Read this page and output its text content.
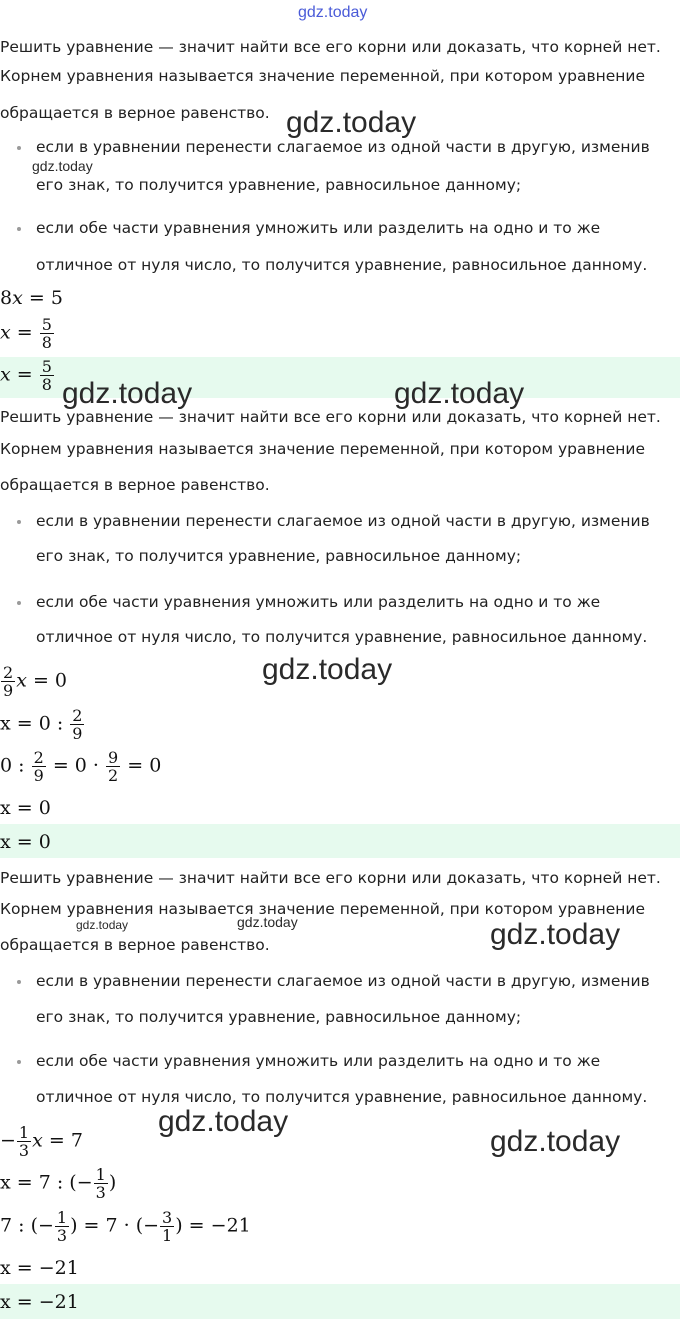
gdz.today
Решить уравнение — значит найти все его корни или доказать, что корней нет.
Корнем уравнения называется значение переменной, при котором уравнение
обращается в верное равенство.
если в уравнении перенести слагаемое из одной части в другую, изменив
его знак, то получится уравнение, равносильное данному;
если обе части уравнения умножить или разделить на одно и то же
отличное от нуля число, то получится уравнение, равносильное данному.
8x = 5
$x = \frac{5}{8}$
$x = \frac{5}{8}$
Решить уравнение — значит найти все его корни или доказать, что корней нет.
Корнем уравнения называется значение переменной, при котором уравнение
обращается в верное равенство.
если в уравнении перенести слагаемое из одной части в другую, изменив
его знак, то получится уравнение, равносильное данному;
если обе части уравнения умножить или разделить на одно и то же
отличное от нуля число, то получится уравнение, равносильное данному.
$\frac{2}{9}$ x = 0
x = 0 : $\frac{2}{9}$
0 : $\frac{2}{9} = 0 \cdot \frac{9}{2} = 0$
x = 0
x = 0
Решить уравнение — значит найти все его корни или доказать, что корней нет.
Корнем уравнения называется значение переменной, при котором уравнение
обращается в верное равенство.
если в уравнении перенести слагаемое из одной части в другую, изменив
его знак, то получится уравнение, равносильное данному;
если обе части уравнения умножить или разделить на одно и то же
отличное от нуля число, то получится уравнение, равносильное данному.
− $\frac{1}{3}$ x = 7
x = 7 : (− $\frac{1}{3}$ )
7 : (− $\frac{1}{3}$ ) = 7 · (− $\frac{3}{1}$ ) = −21
x = −21
x = −21
gdz.today
gdz.today
gdz.today	gdz.today
gdz.today
gdz.today	gdz.today	gdz.today
gdz.today
gdz.today
